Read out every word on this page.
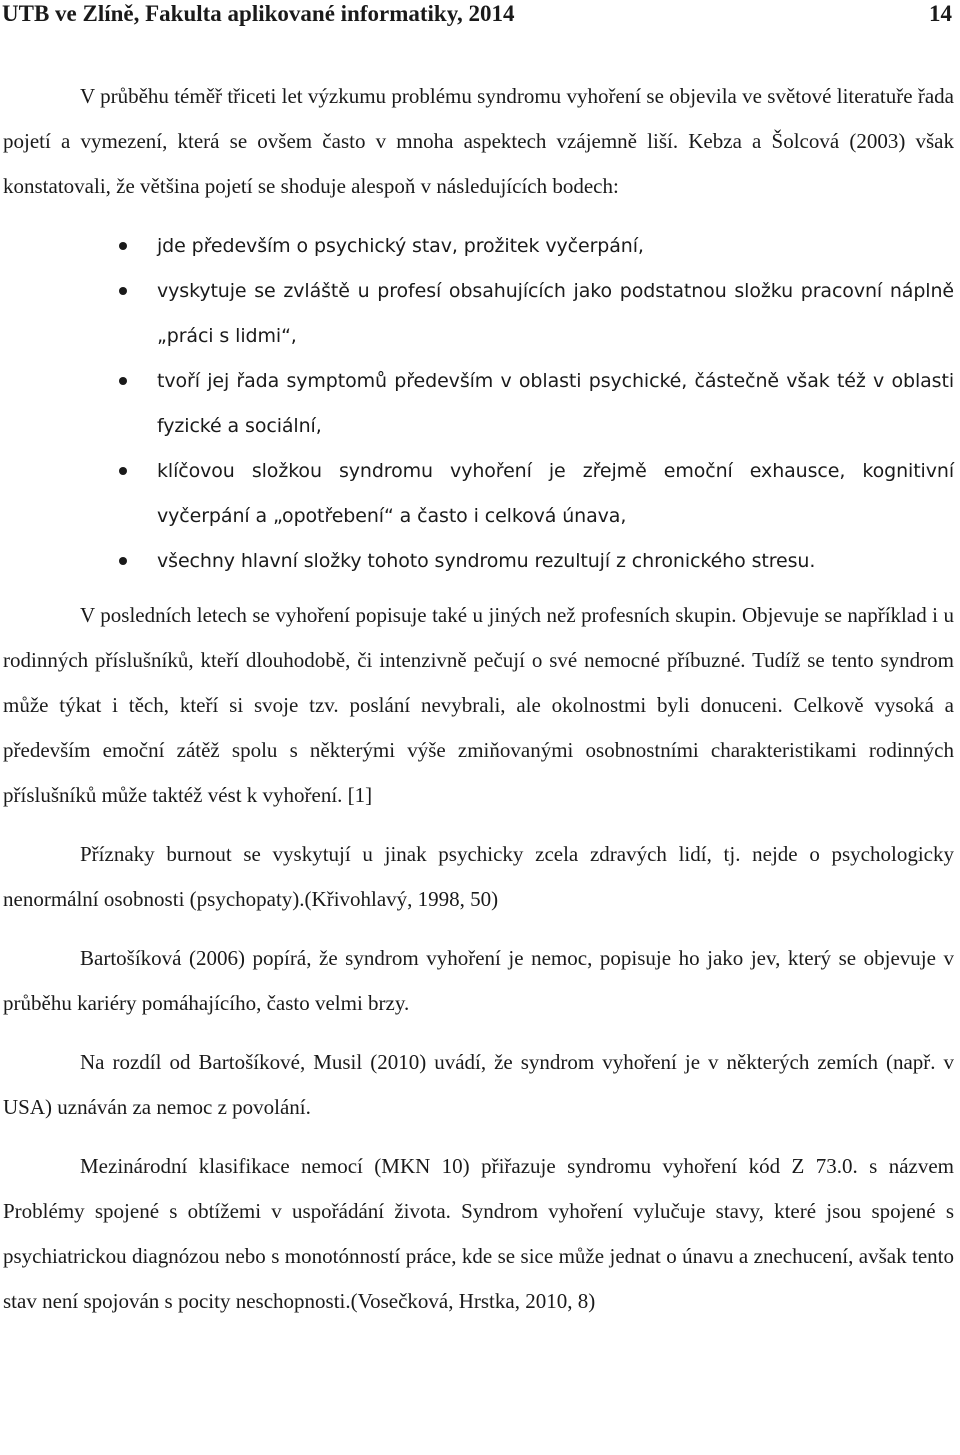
UTB ve Zlíně, Fakulta aplikované informatiky, 2014	14

V průběhu téměř třiceti let výzkumu problému syndromu vyhoření se objevila ve světové literatuře řada pojetí a vymezení, která se ovšem často v mnoha aspektech vzájemně liší. Kebza a Šolcová (2003) však konstatovali, že většina pojetí se shoduje alespoň v následujících bodech:

jde především o psychický stav, prožitek vyčerpání,
vyskytuje se zvláště u profesí obsahujících jako podstatnou složku pracovní náplně „práci s lidmi“,
tvoří jej řada symptomů především v oblasti psychické, částečně však též v oblasti fyzické a sociální,
klíčovou složkou syndromu vyhoření je zřejmě emoční exhausce, kognitivní vyčerpání a „opotřebení“ a často i celková únava,
všechny hlavní složky tohoto syndromu rezultují z chronického stresu.

V posledních letech se vyhoření popisuje také u jiných než profesních skupin. Objevuje se například i u rodinných příslušníků, kteří dlouhodobě, či intenzivně pečují o své nemocné příbuzné. Tudíž se tento syndrom může týkat i těch, kteří si svoje tzv. poslání nevybrali, ale okolnostmi byli donuceni. Celkově vysoká a především emoční zátěž spolu s některými výše zmiňovanými osobnostními charakteristikami rodinných příslušníků může taktéž vést k vyhoření. [1]

Příznaky burnout se vyskytují u jinak psychicky zcela zdravých lidí, tj. nejde o psychologicky nenormální osobnosti (psychopaty).(Křivohlavý, 1998, 50)

Bartošíková (2006) popírá, že syndrom vyhoření je nemoc, popisuje ho jako jev, který se objevuje v průběhu kariéry pomáhajícího, často velmi brzy.

Na rozdíl od Bartošíkové, Musil (2010) uvádí, že syndrom vyhoření je v některých zemích (např. v USA) uznáván za nemoc z povolání.

Mezinárodní klasifikace nemocí (MKN 10) přiřazuje syndromu vyhoření kód Z 73.0. s názvem Problémy spojené s obtížemi v uspořádání života. Syndrom vyhoření vylučuje stavy, které jsou spojené s psychiatrickou diagnózou nebo s monotónností práce, kde se sice může jednat o únavu a znechucení, avšak tento stav není spojován s pocity neschopnosti.(Vosečková, Hrstka, 2010, 8)
